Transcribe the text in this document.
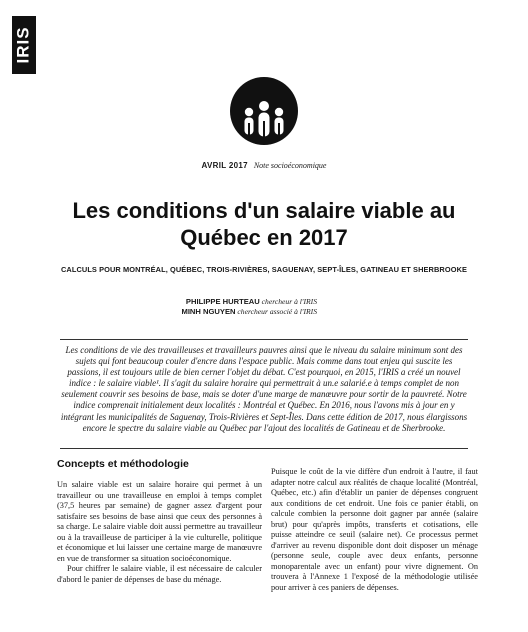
IRIS
AVRIL 2017 Note socioéconomique
Les conditions d'un salaire viable au
Québec en 2017
CALCULS POUR MONTRÉAL, QUÉBEC, TROIS-RIVIÈRES, SAGUENAY, SEPT-ÎLES, GATINEAU ET SHERBROOKE
PHILIPPE HURTEAU chercheur à l'IRIS
MINH NGUYEN chercheur associé à l'IRIS

Les conditions de vie des travailleuses et travailleurs pauvres ainsi que le niveau du salaire minimum sont des sujets qui font beaucoup couler d'encre dans l'espace public. Mais comme dans tout enjeu qui suscite les passions, il est toujours utile de bien cerner l'objet du débat. C'est pourquoi, en 2015, l'IRIS a créé un nouvel indice : le salaire viable¹. Il s'agit du salaire horaire qui permettrait à un.e salarié.e à temps complet de non seulement couvrir ses besoins de base, mais se doter d'une marge de manœuvre pour sortir de la pauvreté. Notre indice comprenait initialement deux localités : Montréal et Québec. En 2016, nous l'avons mis à jour en y intégrant les municipalités de Saguenay, Trois-Rivières et Sept-Îles. Dans cette édition de 2017, nous élargissons encore le spectre du salaire viable au Québec par l'ajout des localités de Gatineau et de Sherbrooke.

Concepts et méthodologie

Un salaire viable est un salaire horaire qui permet à un travailleur ou une travailleuse en emploi à temps complet (37,5 heures par semaine) de gagner assez d'argent pour satisfaire ses besoins de base ainsi que ceux des personnes à sa charge. Le salaire viable doit aussi permettre au travailleur ou à la travailleuse de participer à la vie culturelle, politique et économique et lui laisser une certaine marge de manœuvre en vue de transformer sa situation socioéconomique.

Pour chiffrer le salaire viable, il est nécessaire de calculer d'abord le panier de dépenses de base du ménage.

Puisque le coût de la vie diffère d'un endroit à l'autre, il faut adapter notre calcul aux réalités de chaque localité (Montréal, Québec, etc.) afin d'établir un panier de dépenses congruent aux conditions de cet endroit. Une fois ce panier établi, on calcule combien la personne doit gagner par année (salaire brut) pour qu'après impôts, transferts et cotisations, elle puisse atteindre ce seuil (salaire net). Ce processus permet d'arriver au revenu disponible dont doit disposer un ménage (personne seule, couple avec deux enfants, personne monoparentale avec un enfant) pour vivre dignement. On trouvera à l'Annexe 1 l'exposé de la méthodologie utilisée pour arriver à ces paniers de dépenses.
